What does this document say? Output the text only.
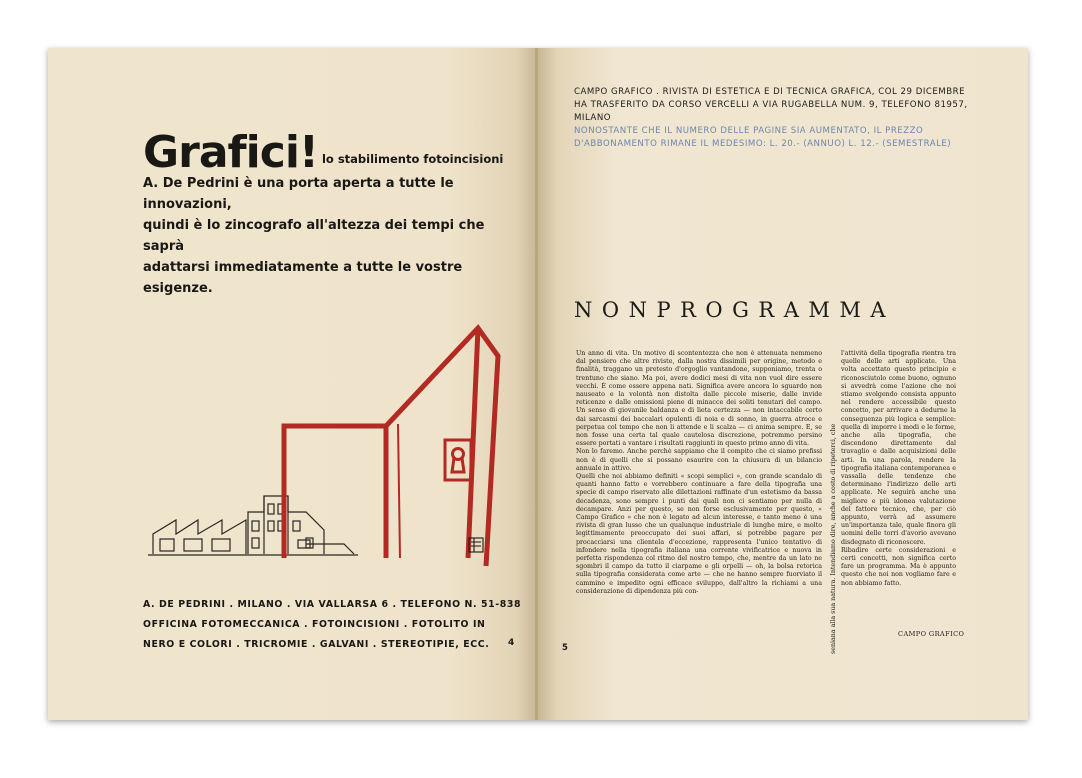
Grafici! lo stabilimento fotoincisioni
A. De Pedrini è una porta aperta a tutte le innovazioni,
quindi è lo zincografo all'altezza dei tempi che saprà
adattarsi immediatamente a tutte le vostre esigenze.
A. DE PEDRINI . MILANO . VIA VALLARSA 6 . TELEFONO N. 51-838
OFFICINA FOTOMECCANICA . FOTOINCISIONI . FOTOLITO IN
NERO E COLORI . TRICROMIE . GALVANI . STEREOTIPIE, ECC.	4
CAMPO GRAFICO . RIVISTA DI ESTETICA E DI TECNICA GRAFICA, COL 29 DICEMBRE
HA TRASFERITO DA CORSO VERCELLI A VIA RUGABELLA NUM. 9, TELEFONO 81957, MILANO
NONOSTANTE CHE IL NUMERO DELLE PAGINE SIA AUMENTATO, IL PREZZO
D'ABBONAMENTO RIMANE IL MEDESIMO: L. 20.- (ANNUO) L. 12.- (SEMESTRALE)
NONPROGRAMMA

Un anno di vita. Un motivo di scontentezza che non è attenuata nemmeno dal pensiero che altre riviste, dalla nostra dissimili per origine, metodo e finalità, traggano un pretesto d'orgoglio vantandone, supponiamo, trenta o trentuno che siano. Ma poi, avere dodici mesi di vita non vuol dire essere vecchi. È come essere appena nati. Significa avere ancora lo sguardo non nauseato e la volontà non distolta dalle piccole miserie, dalle invide reticenze e dalle omissioni piene di minacce dei soliti tenutari del campo. Un senso di giovanile baldanza e di lieta certezza — non intaccabile certo dai sarcasmi dei baccalari opulenti di noia e di sonno, in guerra atroce e perpetua col tempo che non li attende e li scalza — ci anima sempre. E, se non fosse una certa tal quale cautelosa discrezione, potremmo persino essere portati a vantare i risultati raggiunti in questo primo anno di vita.

Non lo faremo. Anche perchè sappiamo che il compito che ci siamo prefissi non è di quelli che si possano esaurire con la chiusura di un bilancio annuale in attivo.

Quelli che noi abbiamo definiti « scopi semplici », con grande scandalo di quanti hanno fatto e vorrebbero continuare a fare della tipografia una specie di campo riservato alle dilettazioni raffinate d'un estetismo da bassa decadenza, sono sempre i punti dai quali non ci sentiamo per nulla di decampare. Anzi per questo, se non forse esclusivamente per questo, « Campo Grafico » che non è legato ad alcun interesse, e tanto meno è una rivista di gran lusso che un qualunque industriale di lunghe mire, e molto legittimamente preoccupato dei suoi affari, si potrebbe pagare per procacciarsi una clientela d'eccezione, rappresenta l'unico tentativo di infondere nella tipografia italiana una corrente vivificatrice e nuova in perfetta rispondenza col ritmo del nostro tempo, che, mentre da un lato ne sgombri il campo da tutto il ciarpame e gli orpelli — oh, la bolsa retorica sulla tipografia considerata come arte — che ne hanno sempre fuorviato il cammino e impedito ogni efficace sviluppo, dall'altro la richiami a una considerazione di dipendenza più con-	seniana alla sua natura. Intendiamo dire, anche a costo di ripeterci, che

l'attività della tipografia rientra tra quelle delle arti applicate. Una volta accettato questo principio e riconosciutolo come buono, ognuno si avvedrà come l'azione che noi stiamo svolgendo consista appunto nel rendere accessibile questo concetto, per arrivare a dedurne la conseguenza più logica e semplice: quella di imporre i modi e le forme, anche alla tipografia, che discendono direttamente dal travaglio e dalle acquisizioni delle arti. In una parola, rendere la tipografia italiana contemporanea e vassalla delle tendenze che determinano l'indirizzo delle arti applicate. Ne seguirà anche una migliore e più idonea valutazione del fattore tecnico, che, per ciò appunto, verrà ad assumere un'importanza tale, quale finora gli uomini delle torri d'avorio avevano disdegnato di riconoscere.

Ribadire certe considerazioni e certi concetti, non significa certo fare un programma. Ma è appunto questo che noi non vogliamo fare e non abbiamo fatto.

CAMPO GRAFICO
5
